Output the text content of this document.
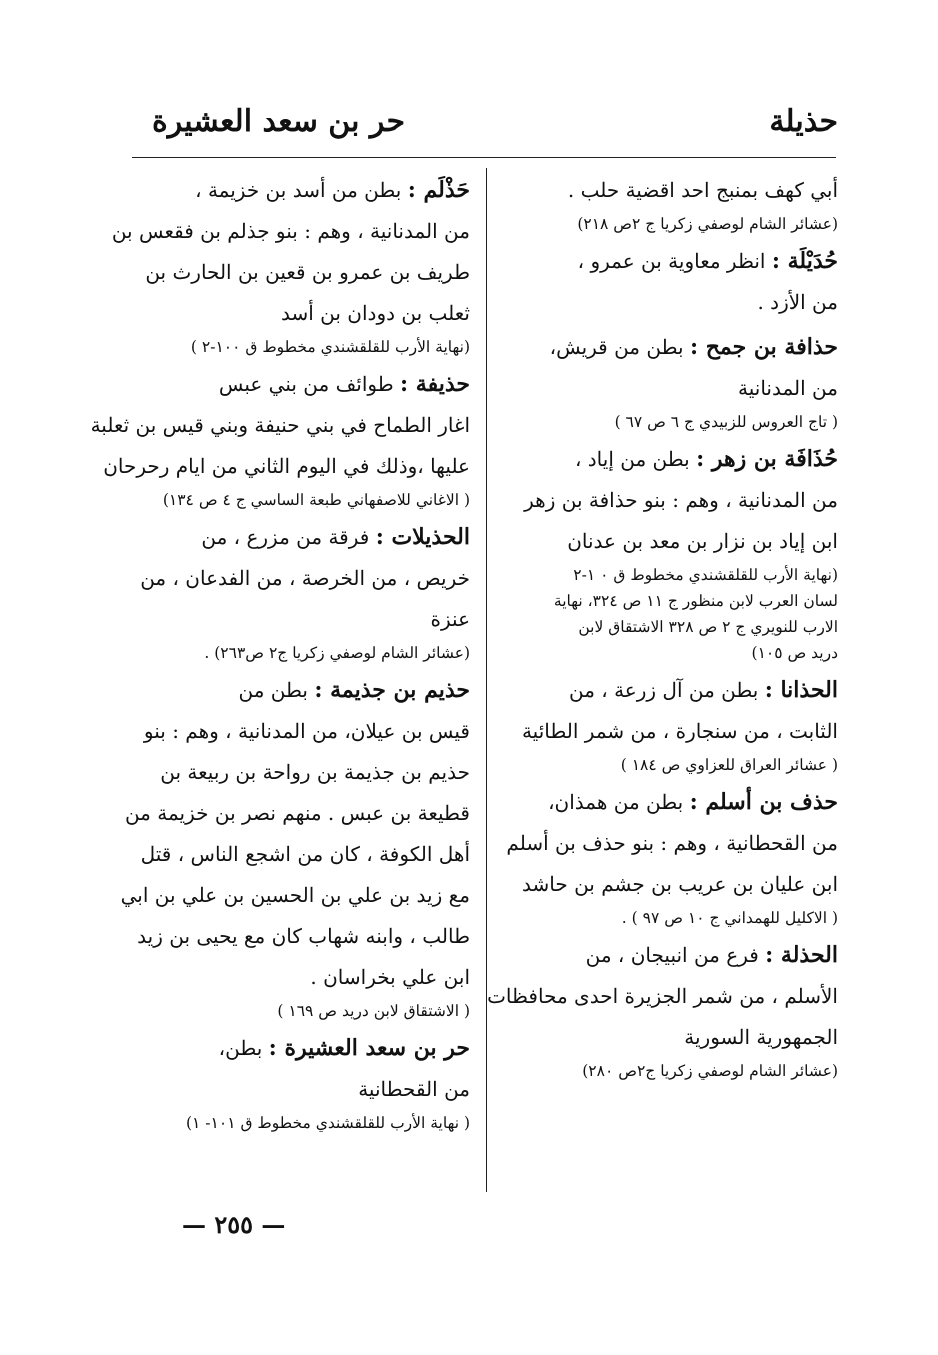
حذيلة
حر بن سعد العشيرة
أبي كهف بمنبج احد اقضية حلب .
(عشائر الشام لوصفي زكريا ج ٢ص ٢١٨)
حُدَيْلَة : انظر معاوية بن عمرو ،
من الأزد .
حذافة بن جمح : بطن من قريش،
من المدنانية
( تاج العروس للزبيدي ج ٦ ص ٦٧ )
حُذَافَة بن زهر : بطن من إياد ،
من المدنانية ، وهم : بنو حذافة بن زهر
ابن إياد بن نزار بن معد بن عدنان
(نهاية الأرب للقلقشندي مخطوط ق ٠ ١-٢
لسان العرب لابن منظور ج ١١ ص ٣٢٤، نهاية
الارب للنويري ج ٢ ص ٣٢٨ الاشتقاق لابن
دريد ص ١٠٥)
الحذانا : بطن من آل زرعة ، من
الثابت ، من سنجارة ، من شمر الطائية
( عشائر العراق للعزاوي ص ١٨٤ )
حذف بن أسلم : بطن من همذان،
من القحطانية ، وهم : بنو حذف بن أسلم
ابن عليان بن عريب بن جشم بن حاشد
( الاكليل للهمداني ج ١٠ ص ٩٧ ) .
الحذلة : فرع من انبيجان ، من
الأسلم ، من شمر الجزيرة احدى محافظات
الجمهورية السورية
(عشائر الشام لوصفي زكريا ج٢ص ٢٨٠)
حَذْلَم : بطن من أسد بن خزيمة ،
من المدنانية ، وهم : بنو جذلم بن فقعس بن
طريف بن عمرو بن قعين بن الحارث بن
ثعلب بن دودان بن أسد
(نهاية الأرب للقلقشندي مخطوط ق ١٠٠-٢ )
حذيفة : طوائف من بني عبس
اغار الطماح في بني حنيفة وبني قيس بن ثعلبة
عليها ،وذلك في اليوم الثاني من ايام رحرحان
( الاغاني للاصفهاني طبعة الساسي ج ٤ ص ١٣٤)
الحذيلات : فرقة من مزرع ، من
خريص ، من الخرصة ، من الفدعان ، من
عنزة
(عشائر الشام لوصفي زكريا ج٢ ص٢٦٣) .
حذيم بن جذيمة : بطن من
قيس بن عيلان، من المدنانية ، وهم : بنو
حذيم بن جذيمة بن رواحة بن ربيعة بن
قطيعة بن عبس . منهم نصر بن خزيمة من
أهل الكوفة ، كان من اشجع الناس ، قتل
مع زيد بن علي بن الحسين بن علي بن ابي
طالب ، وابنه شهاب كان مع يحيى بن زيد
ابن علي بخراسان .
( الاشتقاق لابن دريد ص ١٦٩ )
حر بن سعد العشيرة : بطن،
من القحطانية
( نهاية الأرب للقلقشندي مخطوط ق ١٠١- ١)
— ٢٥٥ —
